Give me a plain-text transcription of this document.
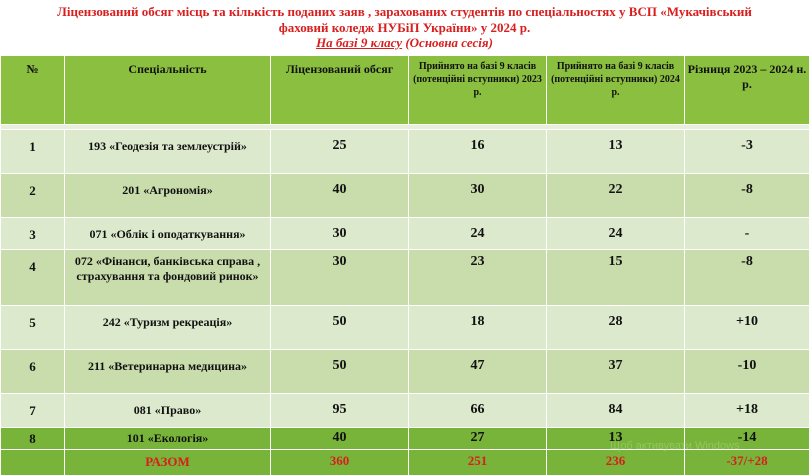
Ліцензований обсяг місць та кількість поданих заяв , зарахованих студентів по спеціальностях у ВСП «Мукачівський
фаховий коледж НУБіП України» у 2024 р.
На базі 9 класу (Основна сесія)
№	Спеціальність	Ліцензований обсяг	Прийнято на базі 9 класів (потенційні вступники) 2023 р.	Прийнято на базі 9 класів (потенційні вступники) 2024 р.	Різниця 2023 – 2024 н. р.

1	193 «Геодезія та землеустрій»	25	16	13	-3
2	201 «Агрономія»	40	30	22	-8
3	071 «Облік і оподаткування»	30	24	24	-
4	072 «Фінанси, банківська справа , страхування та фондовий ринок»	30	23	15	-8
5	242 «Туризм рекреація»	50	18	28	+10
6	211 «Ветеринарна медицина»	50	47	37	-10
7	081 «Право»	95	66	84	+18
8	101 «Екологія»	40	27	13	-14
	РАЗОМ	360	251	236	-37/+28
Щоб активувати Windows
